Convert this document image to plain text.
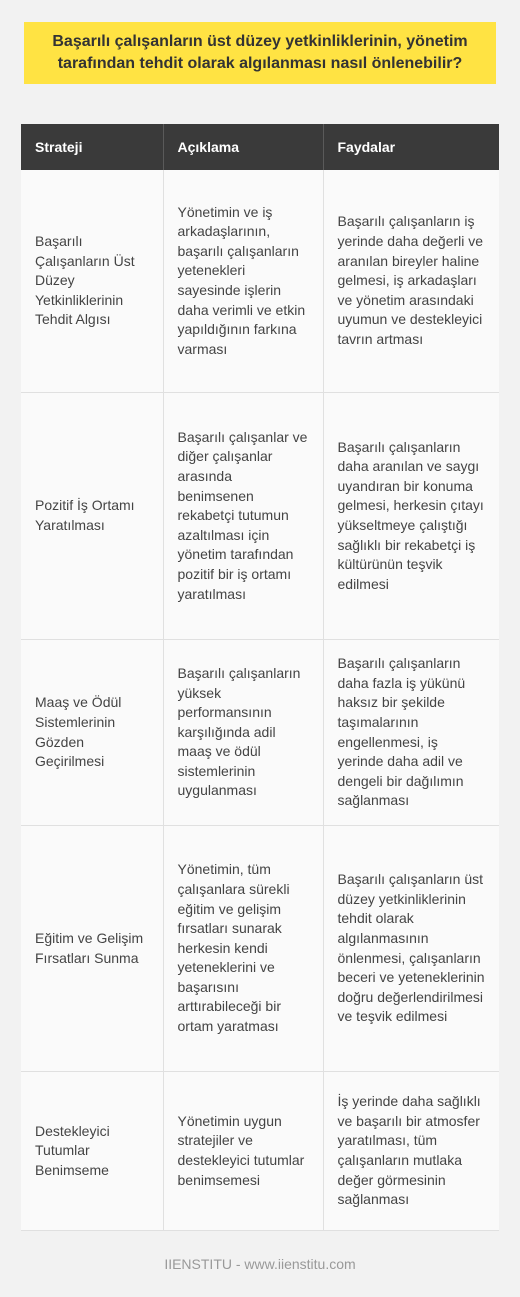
Başarılı çalışanların üst düzey yetkinliklerinin, yönetim tarafından tehdit olarak algılanması nasıl önlenebilir?
Strateji	Açıklama	Faydalar
Başarılı Çalışanların Üst Düzey Yetkinliklerinin Tehdit Algısı	Yönetimin ve iş arkadaşlarının, başarılı çalışanların yetenekleri sayesinde işlerin daha verimli ve etkin yapıldığının farkına varması	Başarılı çalışanların iş yerinde daha değerli ve aranılan bireyler haline gelmesi, iş arkadaşları ve yönetim arasındaki uyumun ve destekleyici tavrın artması
Pozitif İş Ortamı Yaratılması	Başarılı çalışanlar ve diğer çalışanlar arasında benimsenen rekabetçi tutumun azaltılması için yönetim tarafından pozitif bir iş ortamı yaratılması	Başarılı çalışanların daha aranılan ve saygı uyandıran bir konuma gelmesi, herkesin çıtayı yükseltmeye çalıştığı sağlıklı bir rekabetçi iş kültürünün teşvik edilmesi
Maaş ve Ödül Sistemlerinin Gözden Geçirilmesi	Başarılı çalışanların yüksek performansının karşılığında adil maaş ve ödül sistemlerinin uygulanması	Başarılı çalışanların daha fazla iş yükünü haksız bir şekilde taşımalarının engellenmesi, iş yerinde daha adil ve dengeli bir dağılımın sağlanması
Eğitim ve Gelişim Fırsatları Sunma	Yönetimin, tüm çalışanlara sürekli eğitim ve gelişim fırsatları sunarak herkesin kendi yeteneklerini ve başarısını arttırabileceği bir ortam yaratması	Başarılı çalışanların üst düzey yetkinliklerinin tehdit olarak algılanmasının önlenmesi, çalışanların beceri ve yeteneklerinin doğru değerlendirilmesi ve teşvik edilmesi
Destekleyici Tutumlar Benimseme	Yönetimin uygun stratejiler ve destekleyici tutumlar benimsemesi	İş yerinde daha sağlıklı ve başarılı bir atmosfer yaratılması, tüm çalışanların mutlaka değer görmesinin sağlanması
IIENSTITU - www.iienstitu.com
